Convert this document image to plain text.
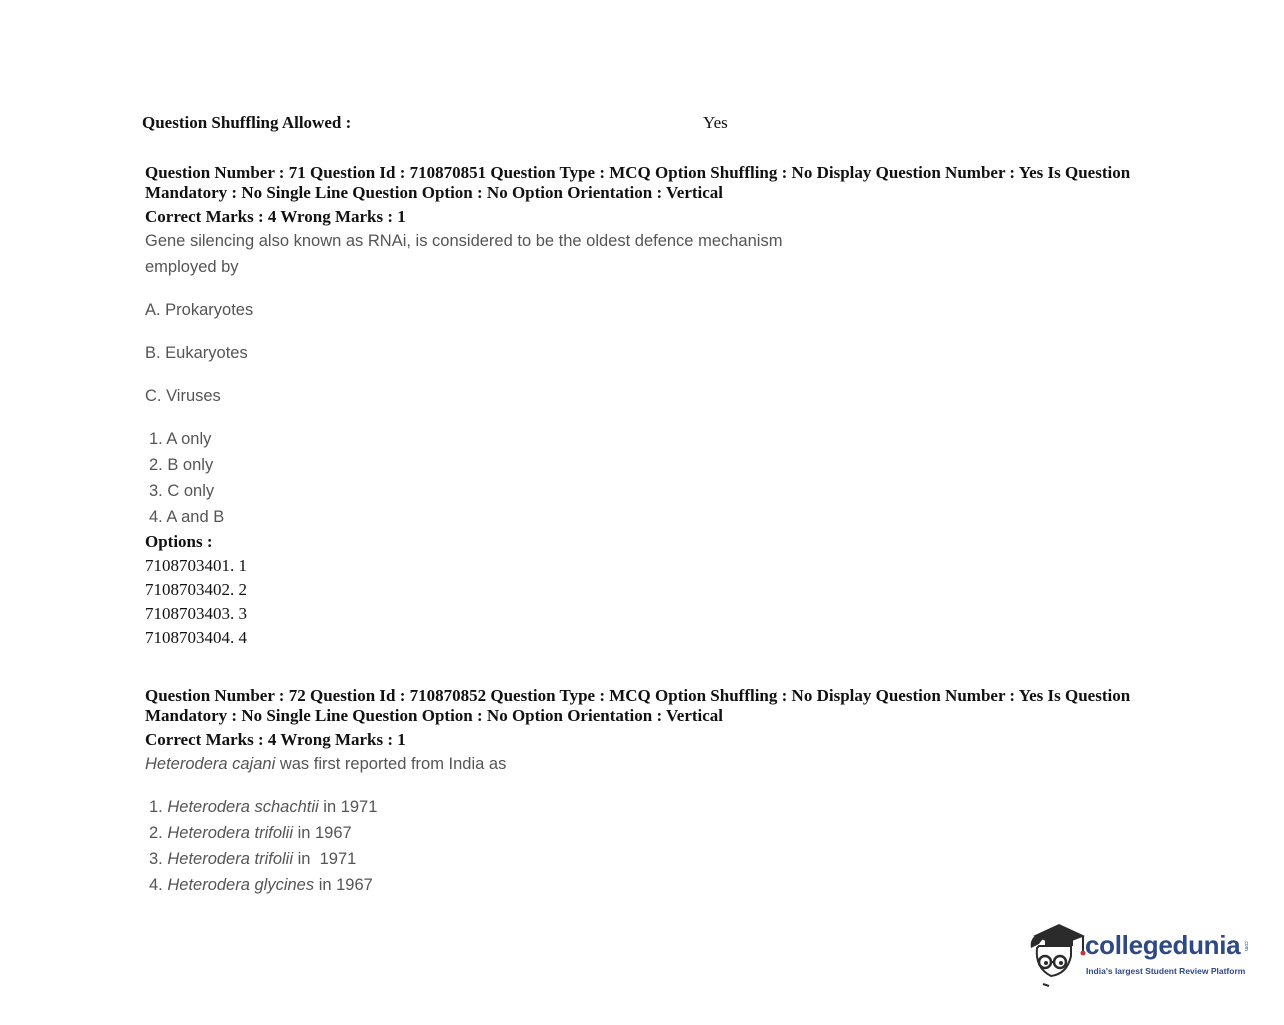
Question Shuffling Allowed :	Yes
Question Number : 71 Question Id : 710870851 Question Type : MCQ Option Shuffling : No Display Question Number : Yes Is Question
Mandatory : No Single Line Question Option : No Option Orientation : Vertical
Correct Marks : 4 Wrong Marks : 1
Gene silencing also known as RNAi, is considered to be the oldest defence mechanism
employed by
A. Prokaryotes
B. Eukaryotes
C. Viruses
1. A only
2. B only
3. C only
4. A and B
Options :
7108703401. 1
7108703402. 2
7108703403. 3
7108703404. 4
Question Number : 72 Question Id : 710870852 Question Type : MCQ Option Shuffling : No Display Question Number : Yes Is Question
Mandatory : No Single Line Question Option : No Option Orientation : Vertical
Correct Marks : 4 Wrong Marks : 1
Heterodera cajani was first reported from India as
1. Heterodera schachtii in 1971
2. Heterodera trifolii in 1967
3. Heterodera trifolii in  1971
4. Heterodera glycines in 1967
collegedunia .com
India's largest Student Review Platform
